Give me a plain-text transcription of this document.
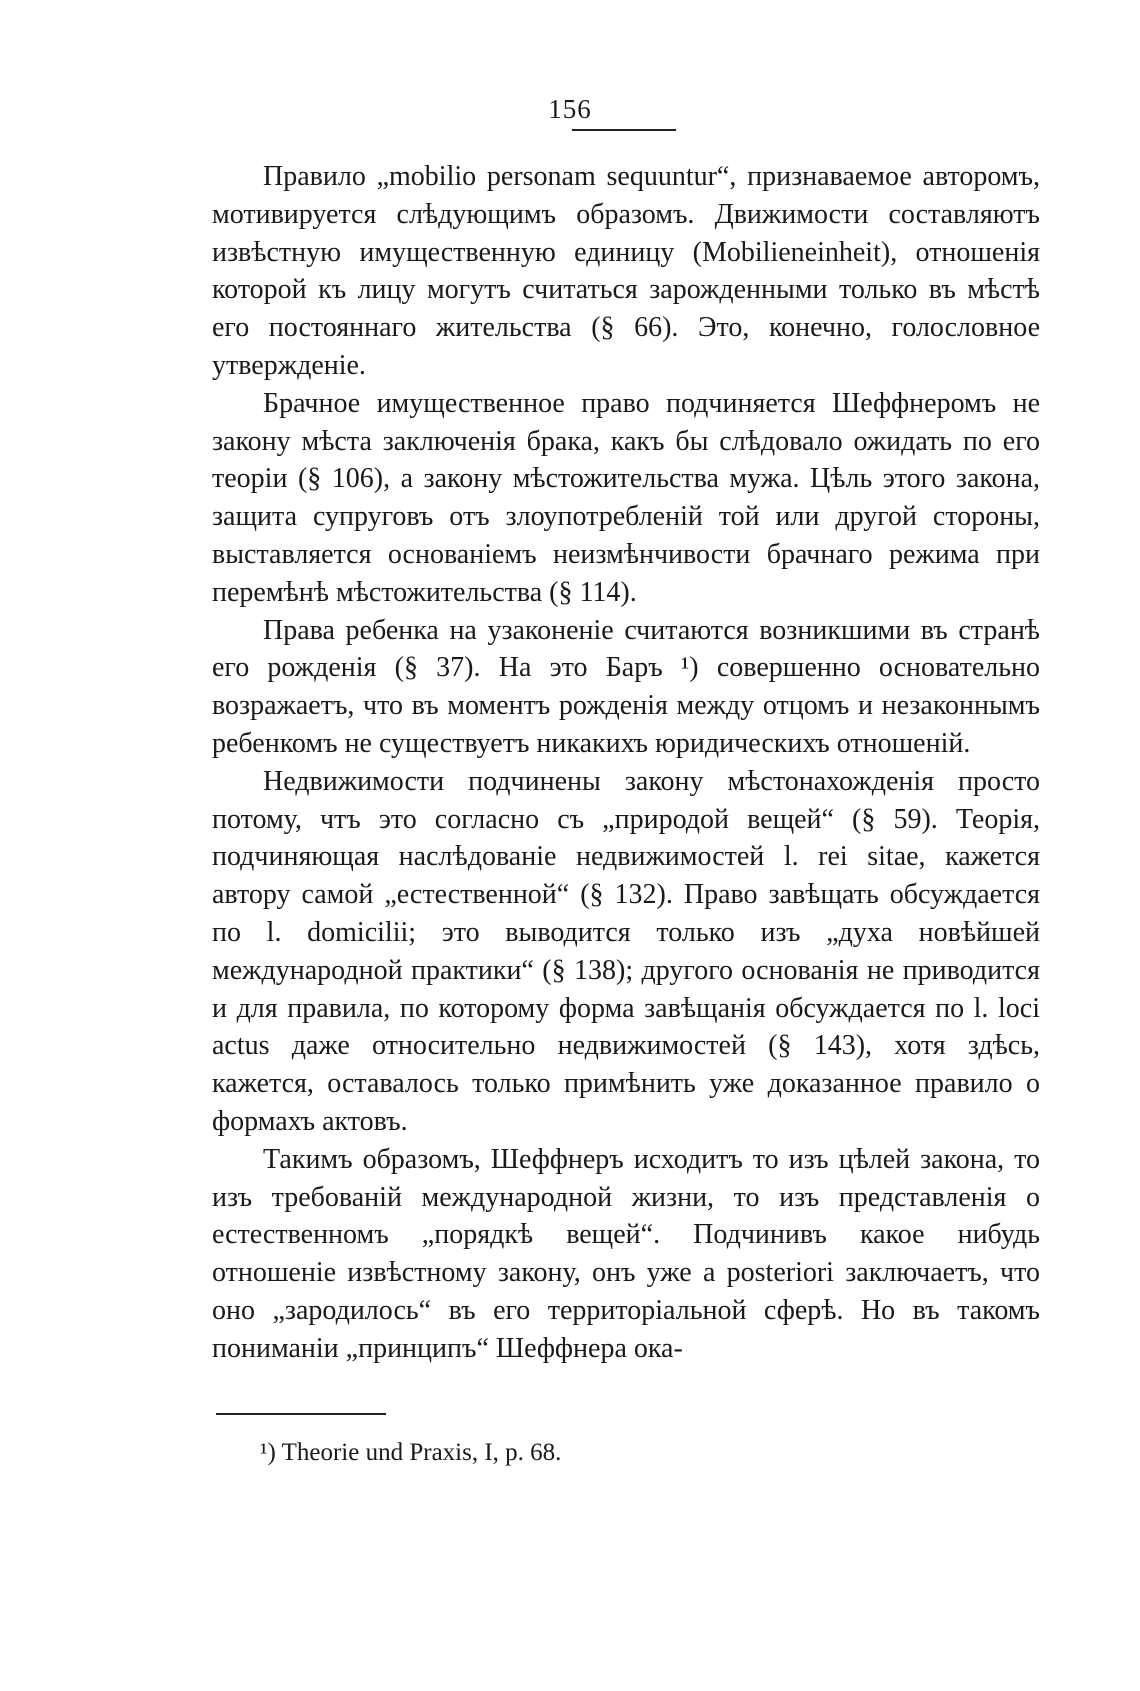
156

Правило „mobilio personam sequuntur“, признаваемое авторомъ, мотивируется слѣдующимъ образомъ. Движимости составляютъ извѣстную имущественную единицу (Mobilieneinheit), отношенія которой къ лицу могутъ считаться зарожденными только въ мѣстѣ его постояннаго жительства (§ 66). Это, конечно, голословное утвержденіе.

Брачное имущественное право подчиняется Шеффнеромъ не закону мѣста заключенія брака, какъ бы слѣдовало ожидать по его теоріи (§ 106), а закону мѣстожительства мужа. Цѣль этого закона, защита супруговъ отъ злоупотребленій той или другой стороны, выставляется основаніемъ неизмѣнчивости брачнаго режима при перемѣнѣ мѣстожительства (§ 114).

Права ребенка на узаконеніе считаются возникшими въ странѣ его рожденія (§ 37). На это Баръ ¹) совершенно основательно возражаетъ, что въ моментъ рожденія между отцомъ и незаконнымъ ребенкомъ не существуетъ никакихъ юридическихъ отношеній.

Недвижимости подчинены закону мѣстонахожденія просто потому, чтъ это согласно съ „природой вещей“ (§ 59). Теорія, подчиняющая наслѣдованіе недвижимостей l. rei sitae, кажется автору самой „естественной“ (§ 132). Право завѣщать обсуждается по l. domicilii; это выводится только изъ „духа новѣйшей международной практики“ (§ 138); другого основанія не приводится и для правила, по которому форма завѣщанія обсуждается по l. loci actus даже относительно недвижимостей (§ 143), хотя здѣсь, кажется, оставалось только примѣнить уже доказанное правило о формахъ актовъ.

Такимъ образомъ, Шеффнеръ исходитъ то изъ цѣлей закона, то изъ требованій международной жизни, то изъ представленія о естественномъ „порядкѣ вещей“. Подчинивъ какое нибудь отношеніе извѣстному закону, онъ уже a posteriori заключаетъ, что оно „зародилось“ въ его территоріальной сферѣ. Но въ такомъ пониманіи „принципъ“ Шеффнера ока-

¹) Theorie und Praxis, I, p. 68.
